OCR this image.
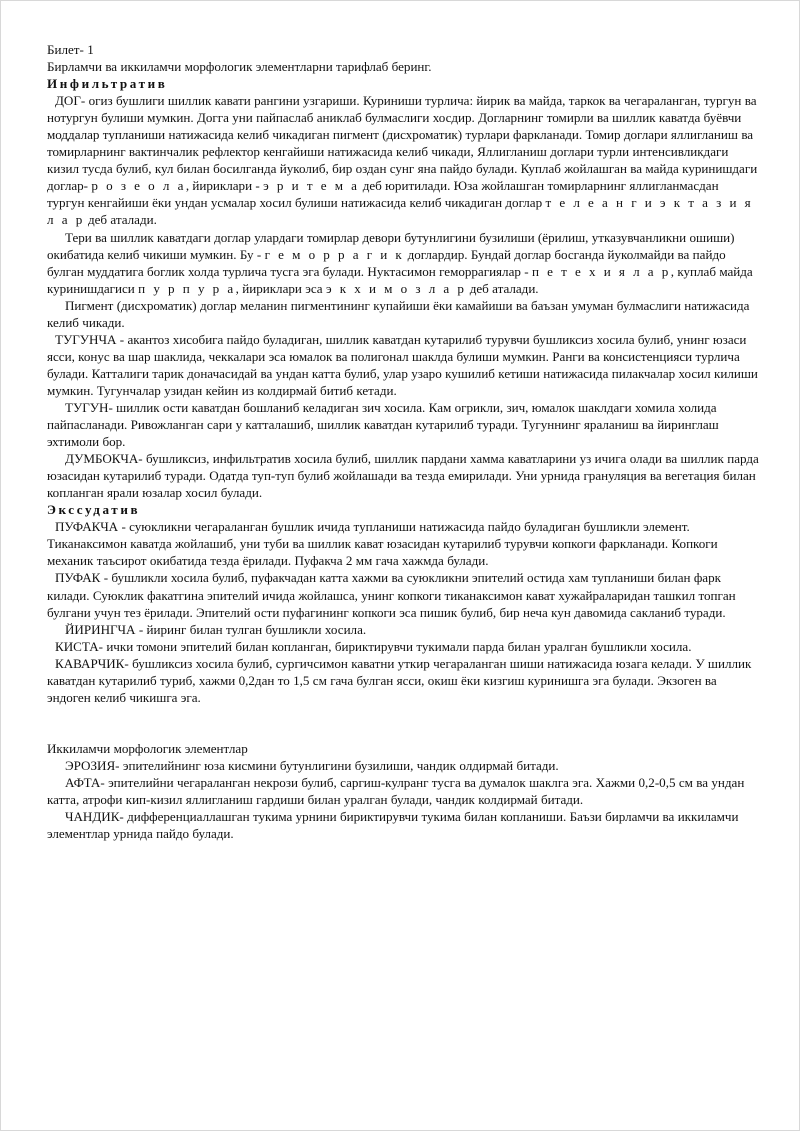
Билет- 1

Бирламчи ва иккиламчи морфологик элементларни тарифлаб беринг.

Инфильтратив

ДОГ- огиз бушлиги шиллик кавати рангини узгариши. Куриниши турлича: йирик ва майда, таркок ва чегараланган, тургун ва нотургун булиши мумкин. Догга уни пайпаслаб аниклаб булмаслиги хосдир. Догларнинг томирли ва шиллик каватда буёвчи моддалар тупланиши натижасида келиб чикадиган пигмент (дисхроматик) турлари фаркланади. Томир доглари яллигланиш ва томирларнинг вактинчалик рефлектор кенгайиши натижасида келиб чикади, Яллигланиш доглари турли интенсивликдаги кизил тусда булиб, кул билан босилганда йуколиб, бир оздан сунг яна пайдо булади. Куплаб жойлашган ва майда куринишдаги доглар- р о з е о л а, йириклари - э р и т е м а деб юритилади. Юза жойлашган томирларнинг яллигланмасдан тургун кенгайиши ёки ундан усмалар хосил булиши натижасида келиб чикадиган доглар т е л е а н г и э к т а з и я л а р деб аталади.

Тери ва шиллик каватдаги доглар улардаги томирлар девори бутунлигини бузилиши (ёрилиш, утказувчанликни ошиши) окибатида келиб чикиши мумкин. Бу - г е м о р р а г и к доглардир. Бундай доглар босганда йуколмайди ва пайдо булган муддатига боглик холда турлича тусга эга булади. Нуктасимон геморрагиялар - п е т е х и я л а р, куплаб майда куринишдагиси п у р п у р а, йириклари эса э к х и м о з л а р деб аталади.

Пигмент (дисхроматик) доглар меланин пигментининг купайиши ёки камайиши ва баъзан умуман булмаслиги натижасида келиб чикади.

ТУГУНЧА - акантоз хисобига пайдо буладиган, шиллик каватдан кутарилиб турувчи бушликсиз хосила булиб, унинг юзаси ясси, конус ва шар шаклида, чеккалари эса юмалок ва полигонал шаклда булиши мумкин. Ранги ва консистенцияси турлича булади. Катталиги тарик доначасидай ва ундан катта булиб, улар узаро кушилиб кетиши натижасида пилакчалар хосил килиши мумкин. Тугунчалар узидан кейин из колдирмай битиб кетади.

ТУГУН- шиллик ости каватдан бошланиб келадиган зич хосила. Кам огрикли, зич, юмалок шаклдаги хомила холида пайпасланади. Ривожланган сари у катталашиб, шиллик каватдан кутарилиб туради. Тугуннинг яраланиш ва йиринглаш эхтимоли бор.

ДУМБОКЧА- бушликсиз, инфильтратив хосила булиб, шиллик пардани хамма каватларини уз ичига олади ва шиллик парда юзасидан кутарилиб туради. Одатда туп-туп булиб жойлашади ва тезда емирилади. Уни урнида грануляция ва вегетация билан копланган ярали юзалар хосил булади.

Экссудатив

ПУФАКЧА - суюкликни чегараланган бушлик ичида тупланиши натижасида пайдо буладиган бушликли элемент. Тиканаксимон каватда жойлашиб, уни туби ва шиллик кават юзасидан кутарилиб турувчи копкоги фаркланади. Копкоги механик таъсирот окибатида тезда ёрилади. Пуфакча 2 мм гача хажмда булади.

ПУФАК - бушликли хосила булиб, пуфакчадан катта хажми ва суюкликни эпителий остида хам тупланиши билан фарк килади. Суюклик факатгина эпителий ичида жойлашса, унинг копкоги тиканаксимон кават хужайраларидан ташкил топган булгани учун тез ёрилади. Эпителий ости пуфагининг копкоги эса пишик булиб, бир неча кун давомида сакланиб туради.

ЙИРИНГЧА - йиринг билан тулган бушликли хосила.

КИСТА- ички томони эпителий билан копланган, бириктирувчи тукимали парда билан уралган бушликли хосила.

КАВАРЧИК- бушликсиз хосила булиб, сургичсимон каватни уткир чегараланган шиши натижасида юзага келади. У шиллик каватдан кутарилиб туриб, хажми 0,2дан то 1,5 см гача булган ясси, окиш ёки кизгиш куринишга эга булади. Экзоген ва эндоген келиб чикишга эга.

Иккиламчи морфологик элементлар

ЭРОЗИЯ- эпителийнинг юза кисмини бутунлигини бузилиши, чандик олдирмай битади.

АФТА- эпителийни чегараланган некрози булиб, саргиш-кулранг тусга ва думалок шаклга эга. Хажми 0,2-0,5 см ва ундан катта, атрофи кип-кизил яллигланиш гардиши билан уралган булади, чандик колдирмай битади.

ЧАНДИК- дифференциаллашган тукима урнини бириктирувчи тукима билан копланиши. Баъзи бирламчи ва иккиламчи элементлар урнида пайдо булади.
